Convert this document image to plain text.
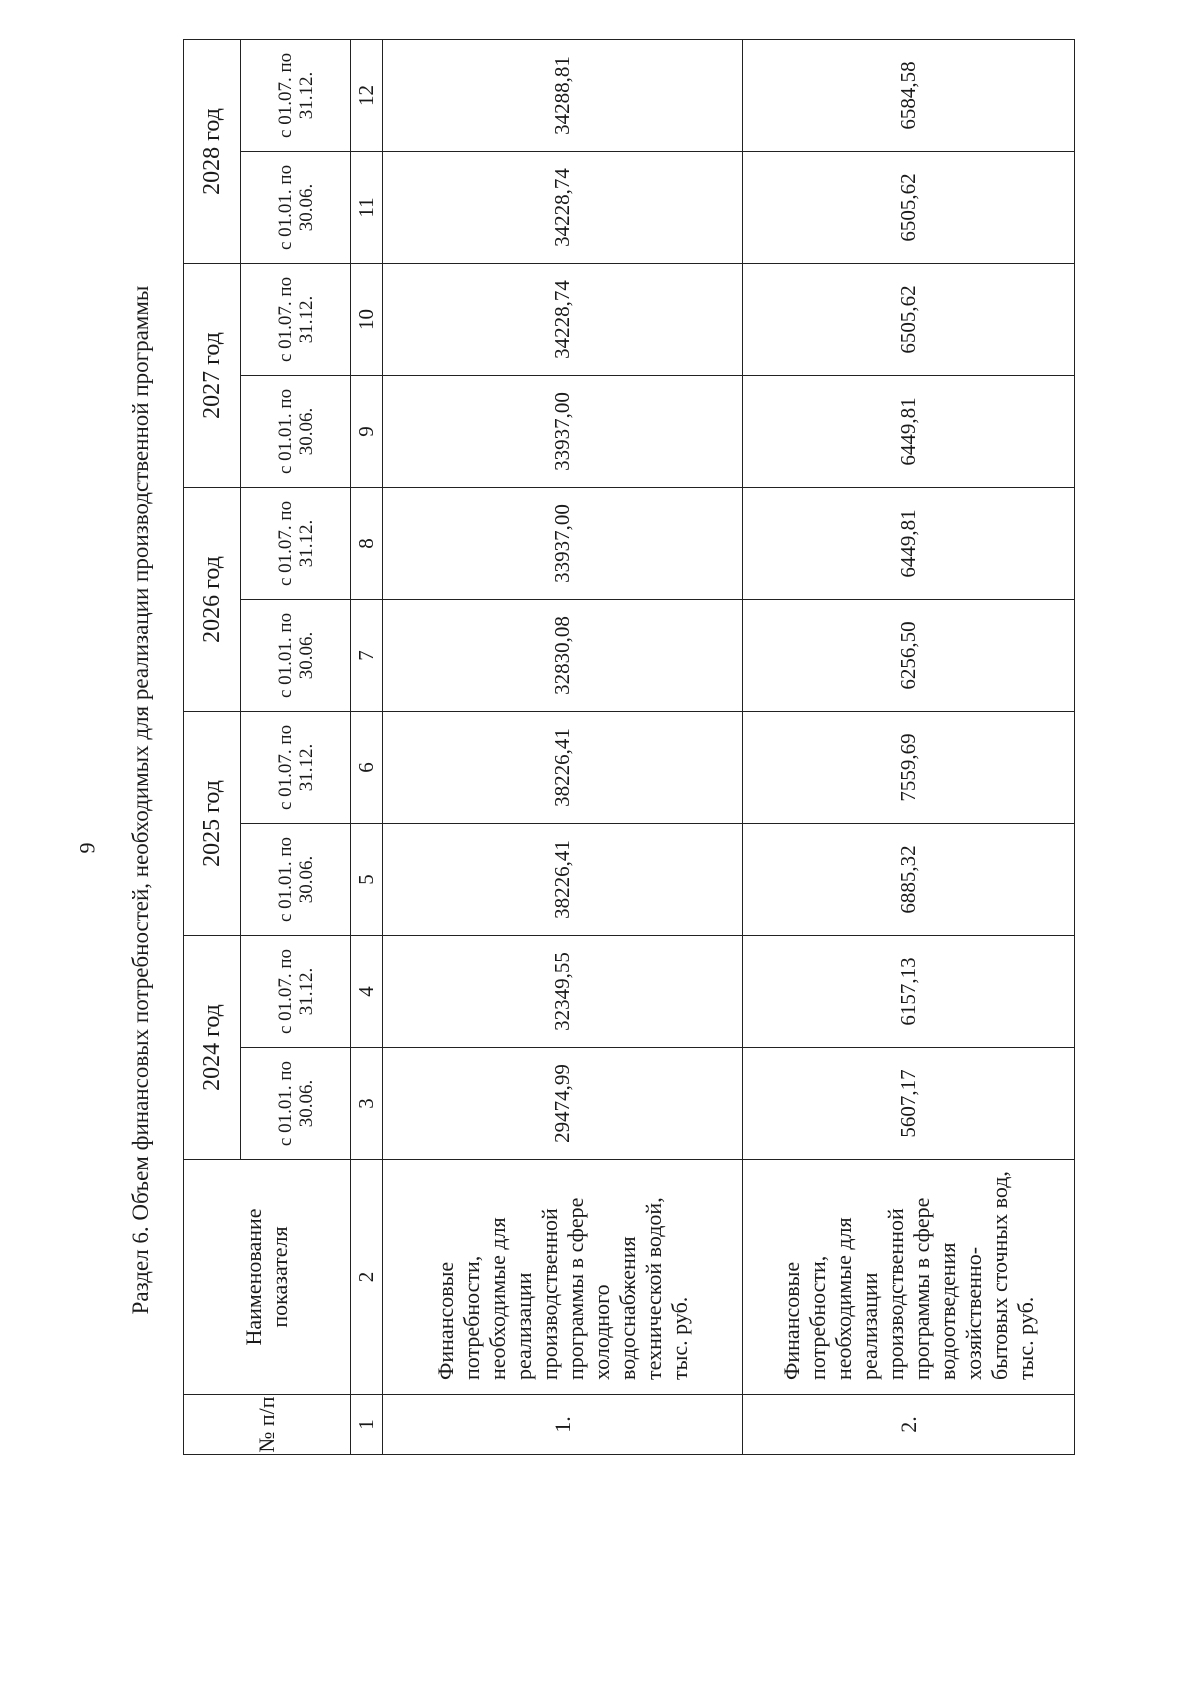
9 Раздел 6. Объем финансовых потребностей, необходимых для реализации производственной программы
№ п/п	Наименование показателя	2024 год		2025 год		2026 год		2027 год		2028 год	
		с 01.01. по 30.06.	с 01.07. по 31.12.	с 01.01. по 30.06.	с 01.07. по 31.12.	с 01.01. по 30.06.	с 01.07. по 31.12.	с 01.01. по 30.06.	с 01.07. по 31.12.	с 01.01. по 30.06.	с 01.07. по 31.12.
1	2	3	4	5	6	7	8	9	10	11	12
1.	Финансовые потребности, необходимые для реализации производственной программы в сфере холодного водоснабжения технической водой, тыс. руб.	29474,99	32349,55	38226,41	38226,41	32830,08	33937,00	33937,00	34228,74	34228,74	34288,81
2.	Финансовые потребности, необходимые для реализации производственной программы в сфере водоотведения хозяйственно-бытовых сточных вод, тыс. руб.	5607,17	6157,13	6885,32	7559,69	6256,50	6449,81	6449,81	6505,62	6505,62	6584,58
